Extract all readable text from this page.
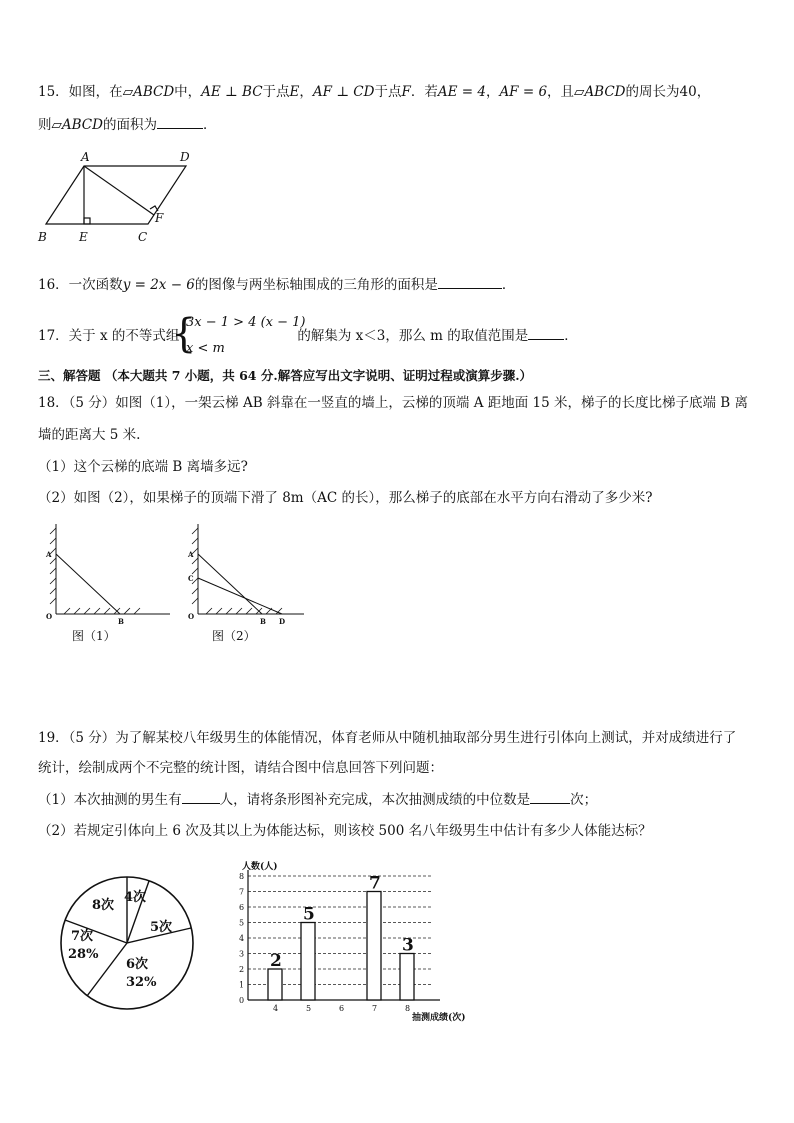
15．如图，在▱ABCD中，AE ⊥ BC于点E，AF ⊥ CD于点F．若AE = 4，AF = 6，且▱ABCD的周长为40，
则▱ABCD的面积为	．
A	D
B	E	C
F
16．一次函数y = 2x − 6的图像与两坐标轴围成的三角形的面积是	．
17．关于 x 的不等式组	的解集为 x＜3，那么 m 的取值范围是	．
{
3x − 1 > 4 (x − 1)
x < m
三、解答题 （本大题共 7 小题，共 64 分.解答应写出文字说明、证明过程或演算步骤.）
18．（5 分）如图（1），一架云梯 AB 斜靠在一竖直的墙上，云梯的顶端 A 距地面 15 米，梯子的长度比梯子底端 B 离
墙的距离大 5 米.
（1）这个云梯的底端 B 离墙多远?
（2）如图（2），如果梯子的顶端下滑了 8m（AC 的长），那么梯子的底部在水平方向右滑动了多少米?
A
O
B
图（1）
A
C
O
B D
图（2）
19．（5 分）为了解某校八年级男生的体能情况，体育老师从中随机抽取部分男生进行引体向上测试，并对成绩进行了
统计，绘制成两个不完整的统计图，请结合图中信息回答下列问题：
（1）本次抽测的男生有	人，请将条形图补充完成，本次抽测成绩的中位数是	次；
（2）若规定引体向上 6 次及其以上为体能达标，则该校 500 名八年级男生中估计有多少人体能达标？
4次
5次
6次
32%
7次
28%
8次
人数(人)
抽测成绩(次)
0
1
2
3
4
5
6
7
8
4	5	6	7	8
2
5
7
3
